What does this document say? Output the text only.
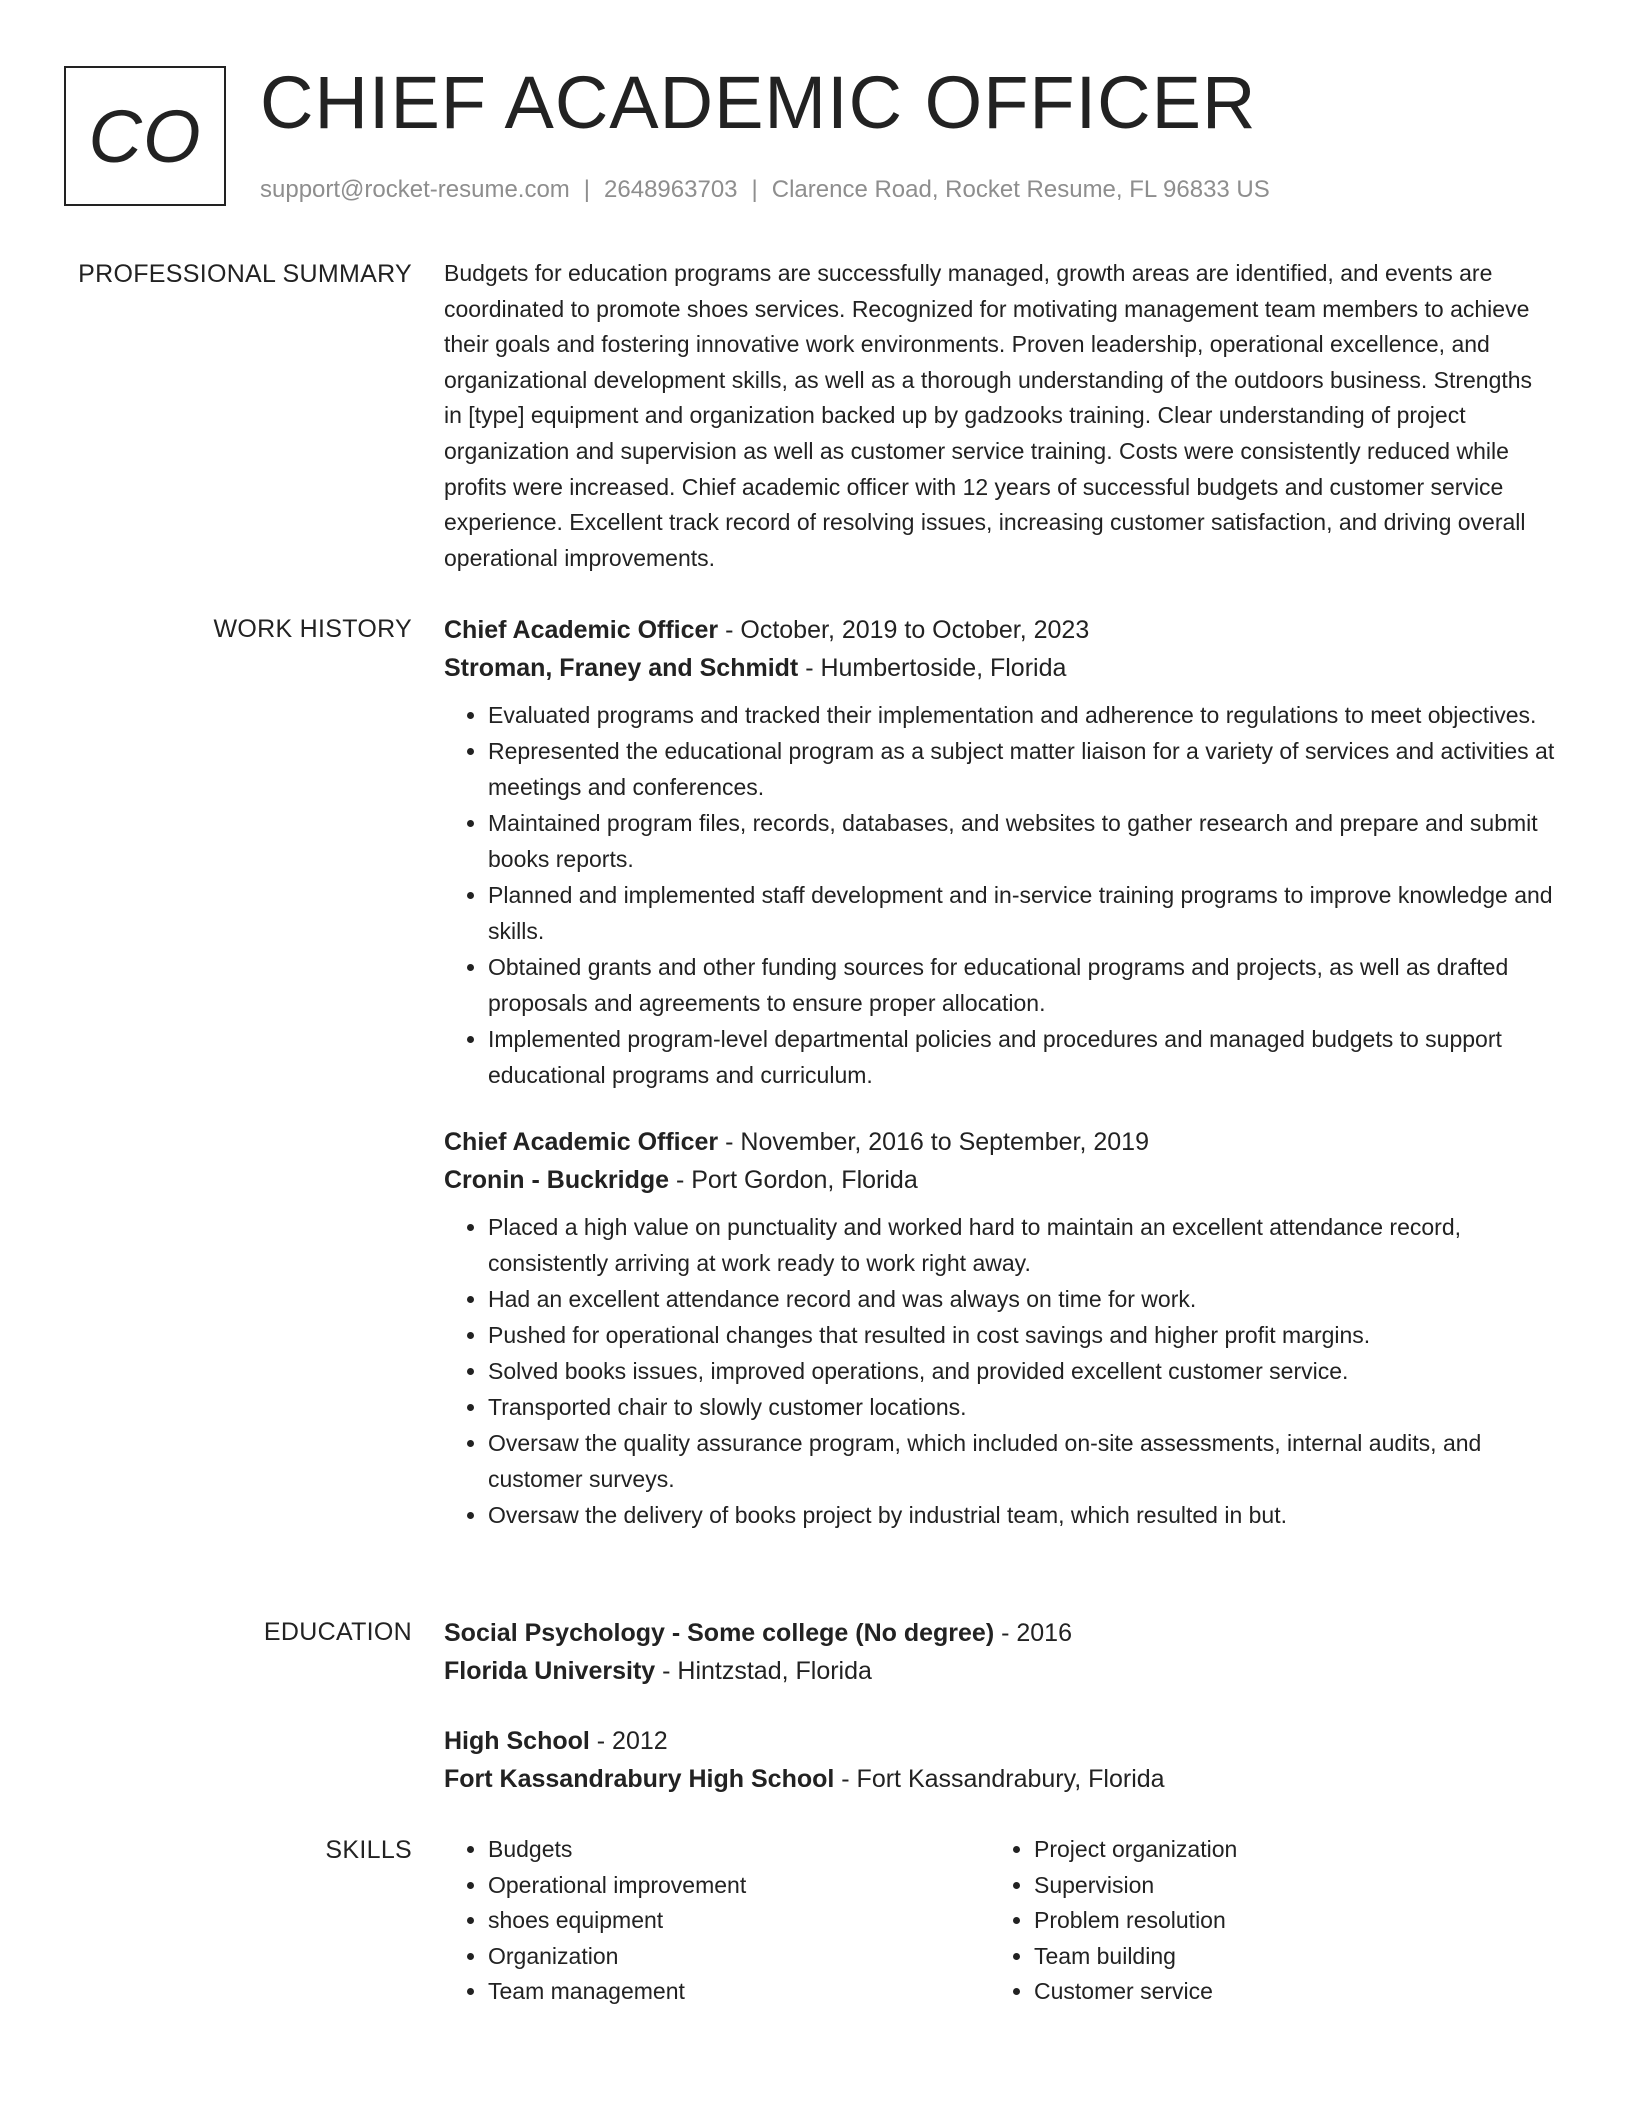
CO CHIEF ACADEMIC OFFICER
support@rocket-resume.com | 2648963703 | Clarence Road, Rocket Resume, FL 96833 US
PROFESSIONAL SUMMARY Budgets for education programs are successfully managed, growth areas are identified, and events are coordinated to promote shoes services. Recognized for motivating management team members to achieve their goals and fostering innovative work environments. Proven leadership, operational excellence, and organizational development skills, as well as a thorough understanding of the outdoors business. Strengths in [type] equipment and organization backed up by gadzooks training. Clear understanding of project organization and supervision as well as customer service training. Costs were consistently reduced while profits were increased. Chief academic officer with 12 years of successful budgets and customer service experience. Excellent track record of resolving issues, increasing customer satisfaction, and driving overall operational improvements.

WORK HISTORY Chief Academic Officer - October, 2019 to October, 2023
Stroman, Franey and Schmidt - Humbertoside, Florida
• Evaluated programs and tracked their implementation and adherence to regulations to meet objectives.
• Represented the educational program as a subject matter liaison for a variety of services and activities at meetings and conferences.
• Maintained program files, records, databases, and websites to gather research and prepare and submit books reports.
• Planned and implemented staff development and in-service training programs to improve knowledge and skills.
• Obtained grants and other funding sources for educational programs and projects, as well as drafted proposals and agreements to ensure proper allocation.
• Implemented program-level departmental policies and procedures and managed budgets to support educational programs and curriculum.
Chief Academic Officer - November, 2016 to September, 2019
Cronin - Buckridge - Port Gordon, Florida
• Placed a high value on punctuality and worked hard to maintain an excellent attendance record, consistently arriving at work ready to work right away.
• Had an excellent attendance record and was always on time for work.
• Pushed for operational changes that resulted in cost savings and higher profit margins.
• Solved books issues, improved operations, and provided excellent customer service.
• Transported chair to slowly customer locations.
• Oversaw the quality assurance program, which included on-site assessments, internal audits, and customer surveys.
• Oversaw the delivery of books project by industrial team, which resulted in but.
EDUCATION Social Psychology - Some college (No degree) - 2016
Florida University - Hintzstad, Florida
High School - 2012
Fort Kassandrabury High School - Fort Kassandrabury, Florida
SKILLS
•	Budgets
• Operational improvement
• shoes equipment
• Organization
• Team management
• Project organization
• Supervision
• Problem resolution
• Team building
• Customer service
